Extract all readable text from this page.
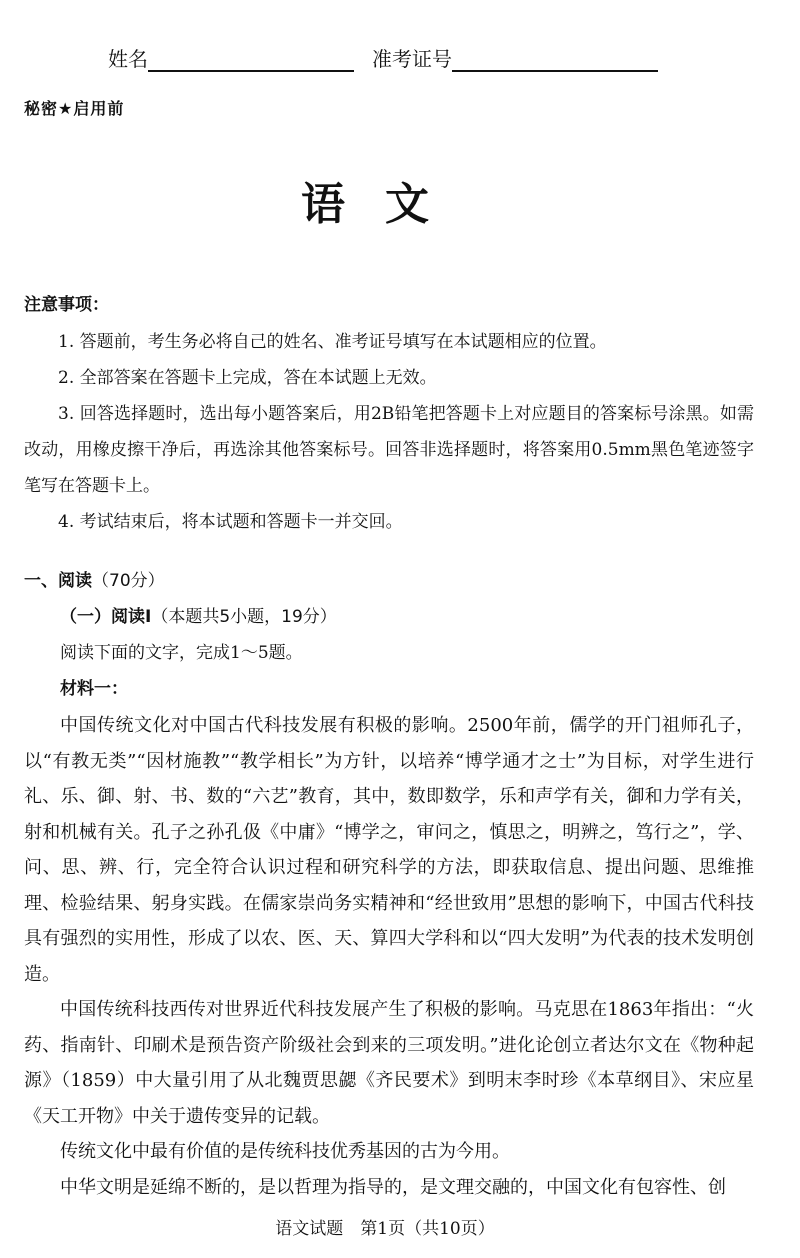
姓名	准考证号
秘密★启用前
语文
注意事项：

1. 答题前，考生务必将自己的姓名、准考证号填写在本试题相应的位置。

2. 全部答案在答题卡上完成，答在本试题上无效。

3. 回答选择题时，选出每小题答案后，用2B铅笔把答题卡上对应题目的答案标号涂黑。如需改动，用橡皮擦干净后，再选涂其他答案标号。回答非选择题时，将答案用0.5mm黑色笔迹签字笔写在答题卡上。

4. 考试结束后，将本试题和答题卡一并交回。

一、阅读（70分）
（一）阅读Ⅰ（本题共5小题，19分）
阅读下面的文字，完成1～5题。
材料一：

中国传统文化对中国古代科技发展有积极的影响。2500年前，儒学的开门祖师孔子，以“有教无类”“因材施教”“教学相长”为方针，以培养“博学通才之士”为目标，对学生进行礼、乐、御、射、书、数的“六艺”教育，其中，数即数学，乐和声学有关，御和力学有关，射和机械有关。孔子之孙孔伋《中庸》“博学之，审问之，慎思之，明辨之，笃行之”，学、问、思、辨、行，完全符合认识过程和研究科学的方法，即获取信息、提出问题、思维推理、检验结果、躬身实践。在儒家崇尚务实精神和“经世致用”思想的影响下，中国古代科技具有强烈的实用性，形成了以农、医、天、算四大学科和以“四大发明”为代表的技术发明创造。

中国传统科技西传对世界近代科技发展产生了积极的影响。马克思在1863年指出：“火药、指南针、印刷术是预告资产阶级社会到来的三项发明。”进化论创立者达尔文在《物种起源》（1859）中大量引用了从北魏贾思勰《齐民要术》到明末李时珍《本草纲目》、宋应星《天工开物》中关于遗传变异的记载。

传统文化中最有价值的是传统科技优秀基因的古为今用。

中华文明是延绵不断的，是以哲理为指导的，是文理交融的，中国文化有包容性、创

语文试题　第1页（共10页）
